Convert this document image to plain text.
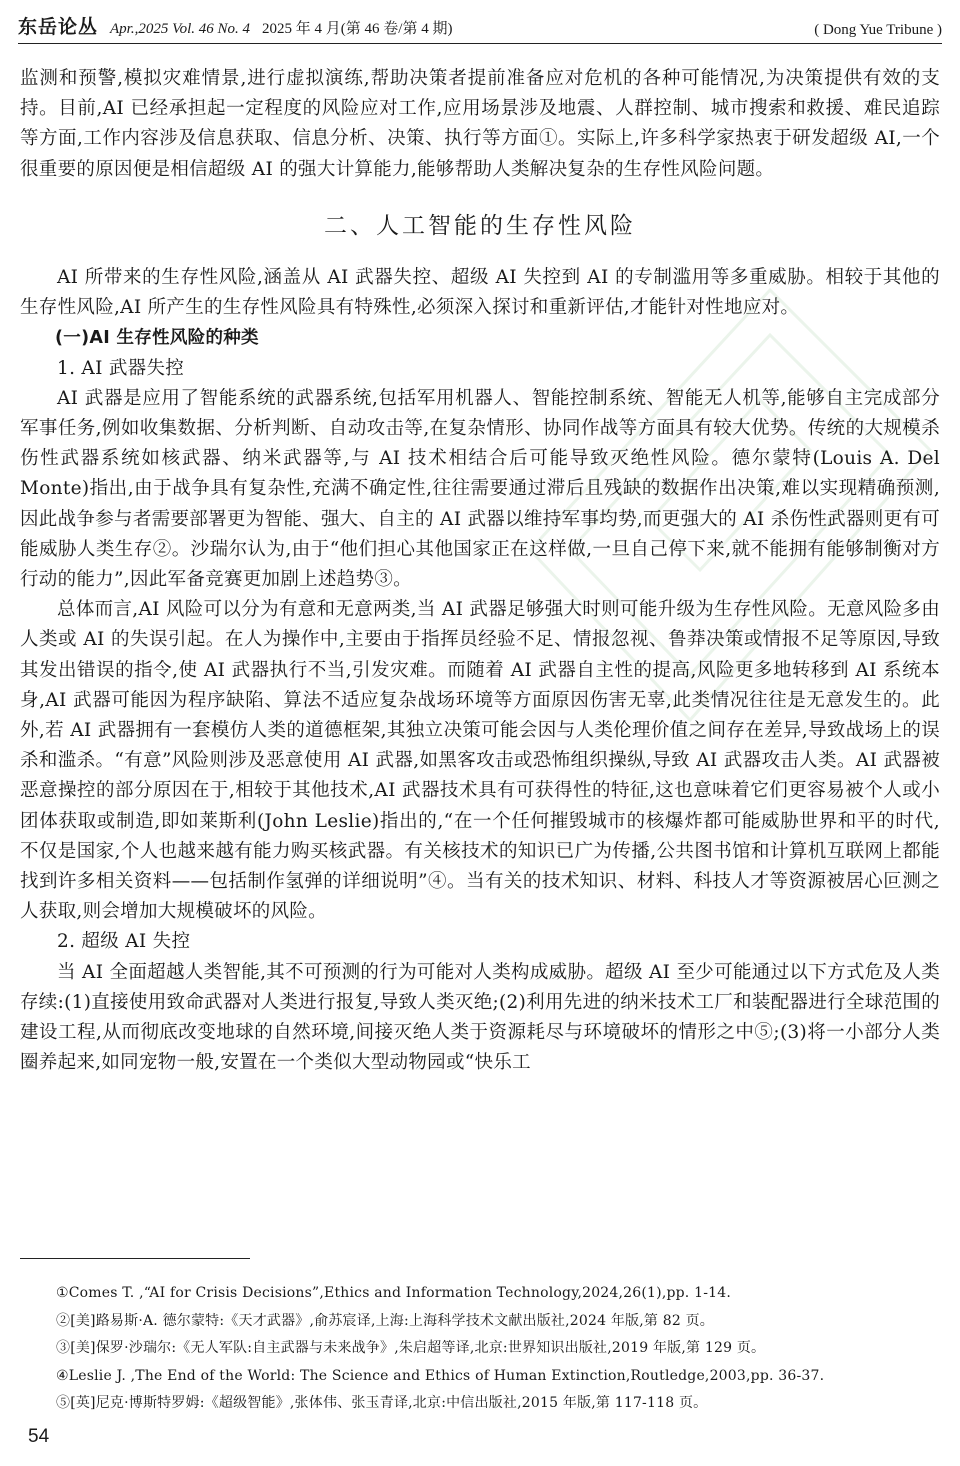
东岳论丛 Apr.,2025 Vol. 46 No. 4 2025 年 4 月(第 46 卷/第 4 期)	( Dong Yue Tribune )

监测和预警,模拟灾难情景,进行虚拟演练,帮助决策者提前准备应对危机的各种可能情况,为决策提供有效的支持。目前,AI 已经承担起一定程度的风险应对工作,应用场景涉及地震、人群控制、城市搜索和救援、难民追踪等方面,工作内容涉及信息获取、信息分析、决策、执行等方面①。实际上,许多科学家热衷于研发超级 AI,一个很重要的原因便是相信超级 AI 的强大计算能力,能够帮助人类解决复杂的生存性风险问题。

二、人工智能的生存性风险

AI 所带来的生存性风险,涵盖从 AI 武器失控、超级 AI 失控到 AI 的专制滥用等多重威胁。相较于其他的生存性风险,AI 所产生的生存性风险具有特殊性,必须深入探讨和重新评估,才能针对性地应对。

(一)AI 生存性风险的种类

1. AI 武器失控

AI 武器是应用了智能系统的武器系统,包括军用机器人、智能控制系统、智能无人机等,能够自主完成部分军事任务,例如收集数据、分析判断、自动攻击等,在复杂情形、协同作战等方面具有较大优势。传统的大规模杀伤性武器系统如核武器、纳米武器等,与 AI 技术相结合后可能导致灭绝性风险。德尔蒙特(Louis A. Del Monte)指出,由于战争具有复杂性,充满不确定性,往往需要通过滞后且残缺的数据作出决策,难以实现精确预测,因此战争参与者需要部署更为智能、强大、自主的 AI 武器以维持军事均势,而更强大的 AI 杀伤性武器则更有可能威胁人类生存②。沙瑞尔认为,由于“他们担心其他国家正在这样做,一旦自己停下来,就不能拥有能够制衡对方行动的能力”,因此军备竞赛更加剧上述趋势③。

总体而言,AI 风险可以分为有意和无意两类,当 AI 武器足够强大时则可能升级为生存性风险。无意风险多由人类或 AI 的失误引起。在人为操作中,主要由于指挥员经验不足、情报忽视、鲁莽决策或情报不足等原因,导致其发出错误的指令,使 AI 武器执行不当,引发灾难。而随着 AI 武器自主性的提高,风险更多地转移到 AI 系统本身,AI 武器可能因为程序缺陷、算法不适应复杂战场环境等方面原因伤害无辜,此类情况往往是无意发生的。此外,若 AI 武器拥有一套模仿人类的道德框架,其独立决策可能会因与人类伦理价值之间存在差异,导致战场上的误杀和滥杀。“有意”风险则涉及恶意使用 AI 武器,如黑客攻击或恐怖组织操纵,导致 AI 武器攻击人类。AI 武器被恶意操控的部分原因在于,相较于其他技术,AI 武器技术具有可获得性的特征,这也意味着它们更容易被个人或小团体获取或制造,即如莱斯利(John Leslie)指出的,“在一个任何摧毁城市的核爆炸都可能威胁世界和平的时代,不仅是国家,个人也越来越有能力购买核武器。有关核技术的知识已广为传播,公共图书馆和计算机互联网上都能找到许多相关资料——包括制作氢弹的详细说明”④。当有关的技术知识、材料、科技人才等资源被居心叵测之人获取,则会增加大规模破坏的风险。

2. 超级 AI 失控

当 AI 全面超越人类智能,其不可预测的行为可能对人类构成威胁。超级 AI 至少可能通过以下方式危及人类存续:(1)直接使用致命武器对人类进行报复,导致人类灭绝;(2)利用先进的纳米技术工厂和装配器进行全球范围的建设工程,从而彻底改变地球的自然环境,间接灭绝人类于资源耗尽与环境破坏的情形之中⑤;(3)将一小部分人类圈养起来,如同宠物一般,安置在一个类似大型动物园或“快乐工

①Comes T. ,“AI for Crisis Decisions”,Ethics and Information Technology,2024,26(1),pp. 1-14.
②[美]路易斯·A. 德尔蒙特:《天才武器》,俞苏宸译,上海:上海科学技术文献出版社,2024 年版,第 82 页。
③[美]保罗·沙瑞尔:《无人军队:自主武器与未来战争》,朱启超等译,北京:世界知识出版社,2019 年版,第 129 页。
④Leslie J. ,The End of the World: The Science and Ethics of Human Extinction,Routledge,2003,pp. 36-37.
⑤[英]尼克·博斯特罗姆:《超级智能》,张体伟、张玉青译,北京:中信出版社,2015 年版,第 117-118 页。
54
